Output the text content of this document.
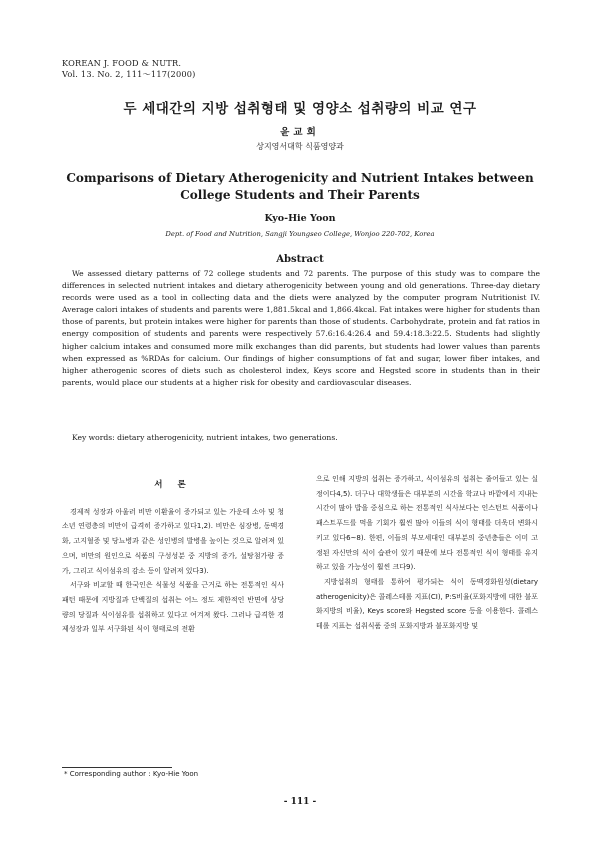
KOREAN J. FOOD & NUTR.
Vol. 13. No. 2, 111～117(2000)
두 세대간의 지방 섭취형태 및 영양소 섭취량의 비교 연구
윤교희
상지영서대학 식품영양과
Comparisons of Dietary Atherogenicity and Nutrient Intakes between
College Students and Their Parents
Kyo-Hie Yoon
Dept. of Food and Nutrition, Sangji Youngseo College, Wonjoo 220-702, Korea
Abstract

We assessed dietary patterns of 72 college students and 72 parents. The purpose of this study was to compare the differences in selected nutrient intakes and dietary atherogenicity between young and old generations. Three-day dietary records were used as a tool in collecting data and the diets were analyzed by the computer program Nutritionist IV. Average calori intakes of students and parents were 1,881.5kcal and 1,866.4kcal. Fat intakes were higher for students than those of parents, but protein intakes were higher for parents than those of students. Carbohydrate, protein and fat ratios in energy composition of students and parents were respectively 57.6:16.4:26.4 and 59.4:18.3:22.5. Students had slightly higher calcium intakes and consumed more milk exchanges than did parents, but students had lower values than parents when expressed as %RDAs for calcium. Our findings of higher consumptions of fat and sugar, lower fiber intakes, and higher atherogenic scores of diets such as cholesterol index, Keys score and Hegsted score in students than in their parents, would place our students at a higher risk for obesity and cardiovascular diseases.

Key words: dietary atherogenicity, nutrient intakes, two generations.
서 론

경제적 성장과 아울러 비만 이환율이 증가되고 있는 가운데 소아 및 청소년 연령층의 비만이 급격히 증가하고 있다1,2). 비만은 심장병, 동맥경화, 고지혈증 및 당뇨병과 같은 성인병의 발병을 높이는 것으로 알려져 있으며, 비만의 원인으로 식품의 구성성분 중 지방의 증가, 설탕첨가량 증가, 그리고 식이섬유의 감소 등이 알려져 있다3).

서구와 비교할 때 한국인은 식물성 식품을 근거로 하는 전통적인 식사 패턴 때문에 지방질과 단백질의 섭취는 어느 정도 제한적인 반면에 상당량의 당질과 식이섬유를 섭취하고 있다고 여겨져 왔다. 그러나 급격한 경제성장과 일부 서구화된 식이 형태로의 전환

으로 인해 지방의 섭취는 증가하고, 식이섬유의 섭취는 줄어들고 있는 실정이다4,5). 더구나 대학생들은 대부분의 시간을 학교나 바깥에서 지내는 시간이 많아 밥을 중심으로 하는 전통적인 식사보다는 인스턴트 식품이나 패스트푸드를 먹을 기회가 훨씬 많아 이들의 식이 형태를 더욱더 변화시키고 있다6~8). 한편, 이들의 부모세대인 대부분의 중년층들은 이미 고정된 자신만의 식이 습관이 있기 때문에 보다 전통적인 식이 형태를 유지하고 있을 가능성이 훨씬 크다9).

지방섭취의 형태를 통하여 평가되는 식이 동맥경화원성(dietary atherogenicity)은 콜레스테롤 지표(CI), P:S비율(포화지방에 대한 불포화지방의 비율), Keys score와 Hegsted score 등을 이용한다. 콜레스테롤 지표는 섭취식품 중의 포화지방과 불포화지방 및

* Corresponding author : Kyo-Hie Yoon
- 111 -
